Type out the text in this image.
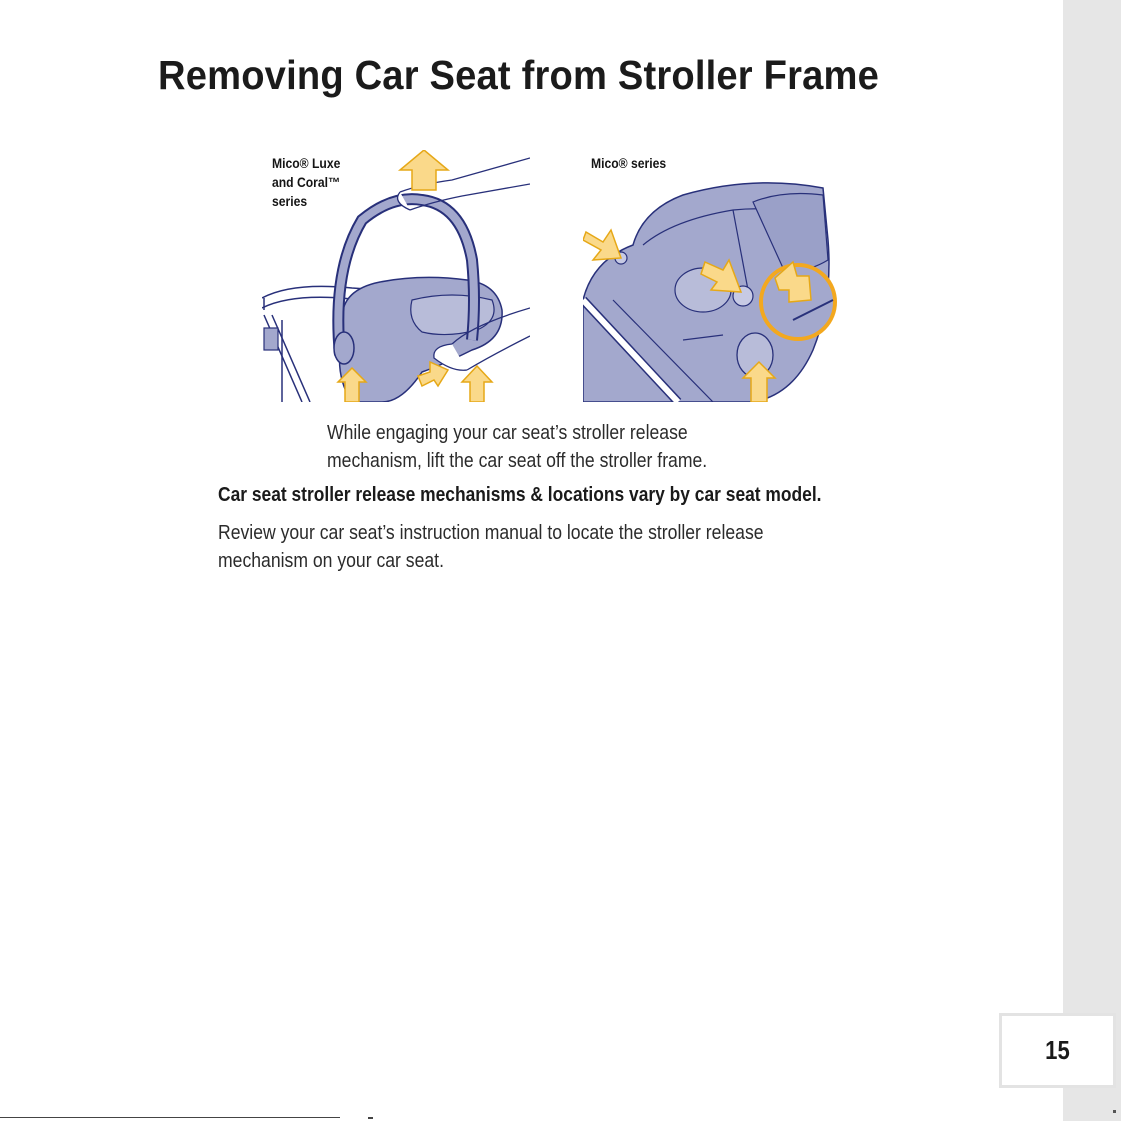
15
Removing Car Seat from Stroller Frame
Mico® Luxe
and Coral™
series
Mico® series
While engaging your car seat’s stroller release
mechanism, lift the car seat off the stroller frame.
Car seat stroller release mechanisms & locations vary by car seat model.
Review your car seat’s instruction manual to locate the stroller release
mechanism on your car seat.
